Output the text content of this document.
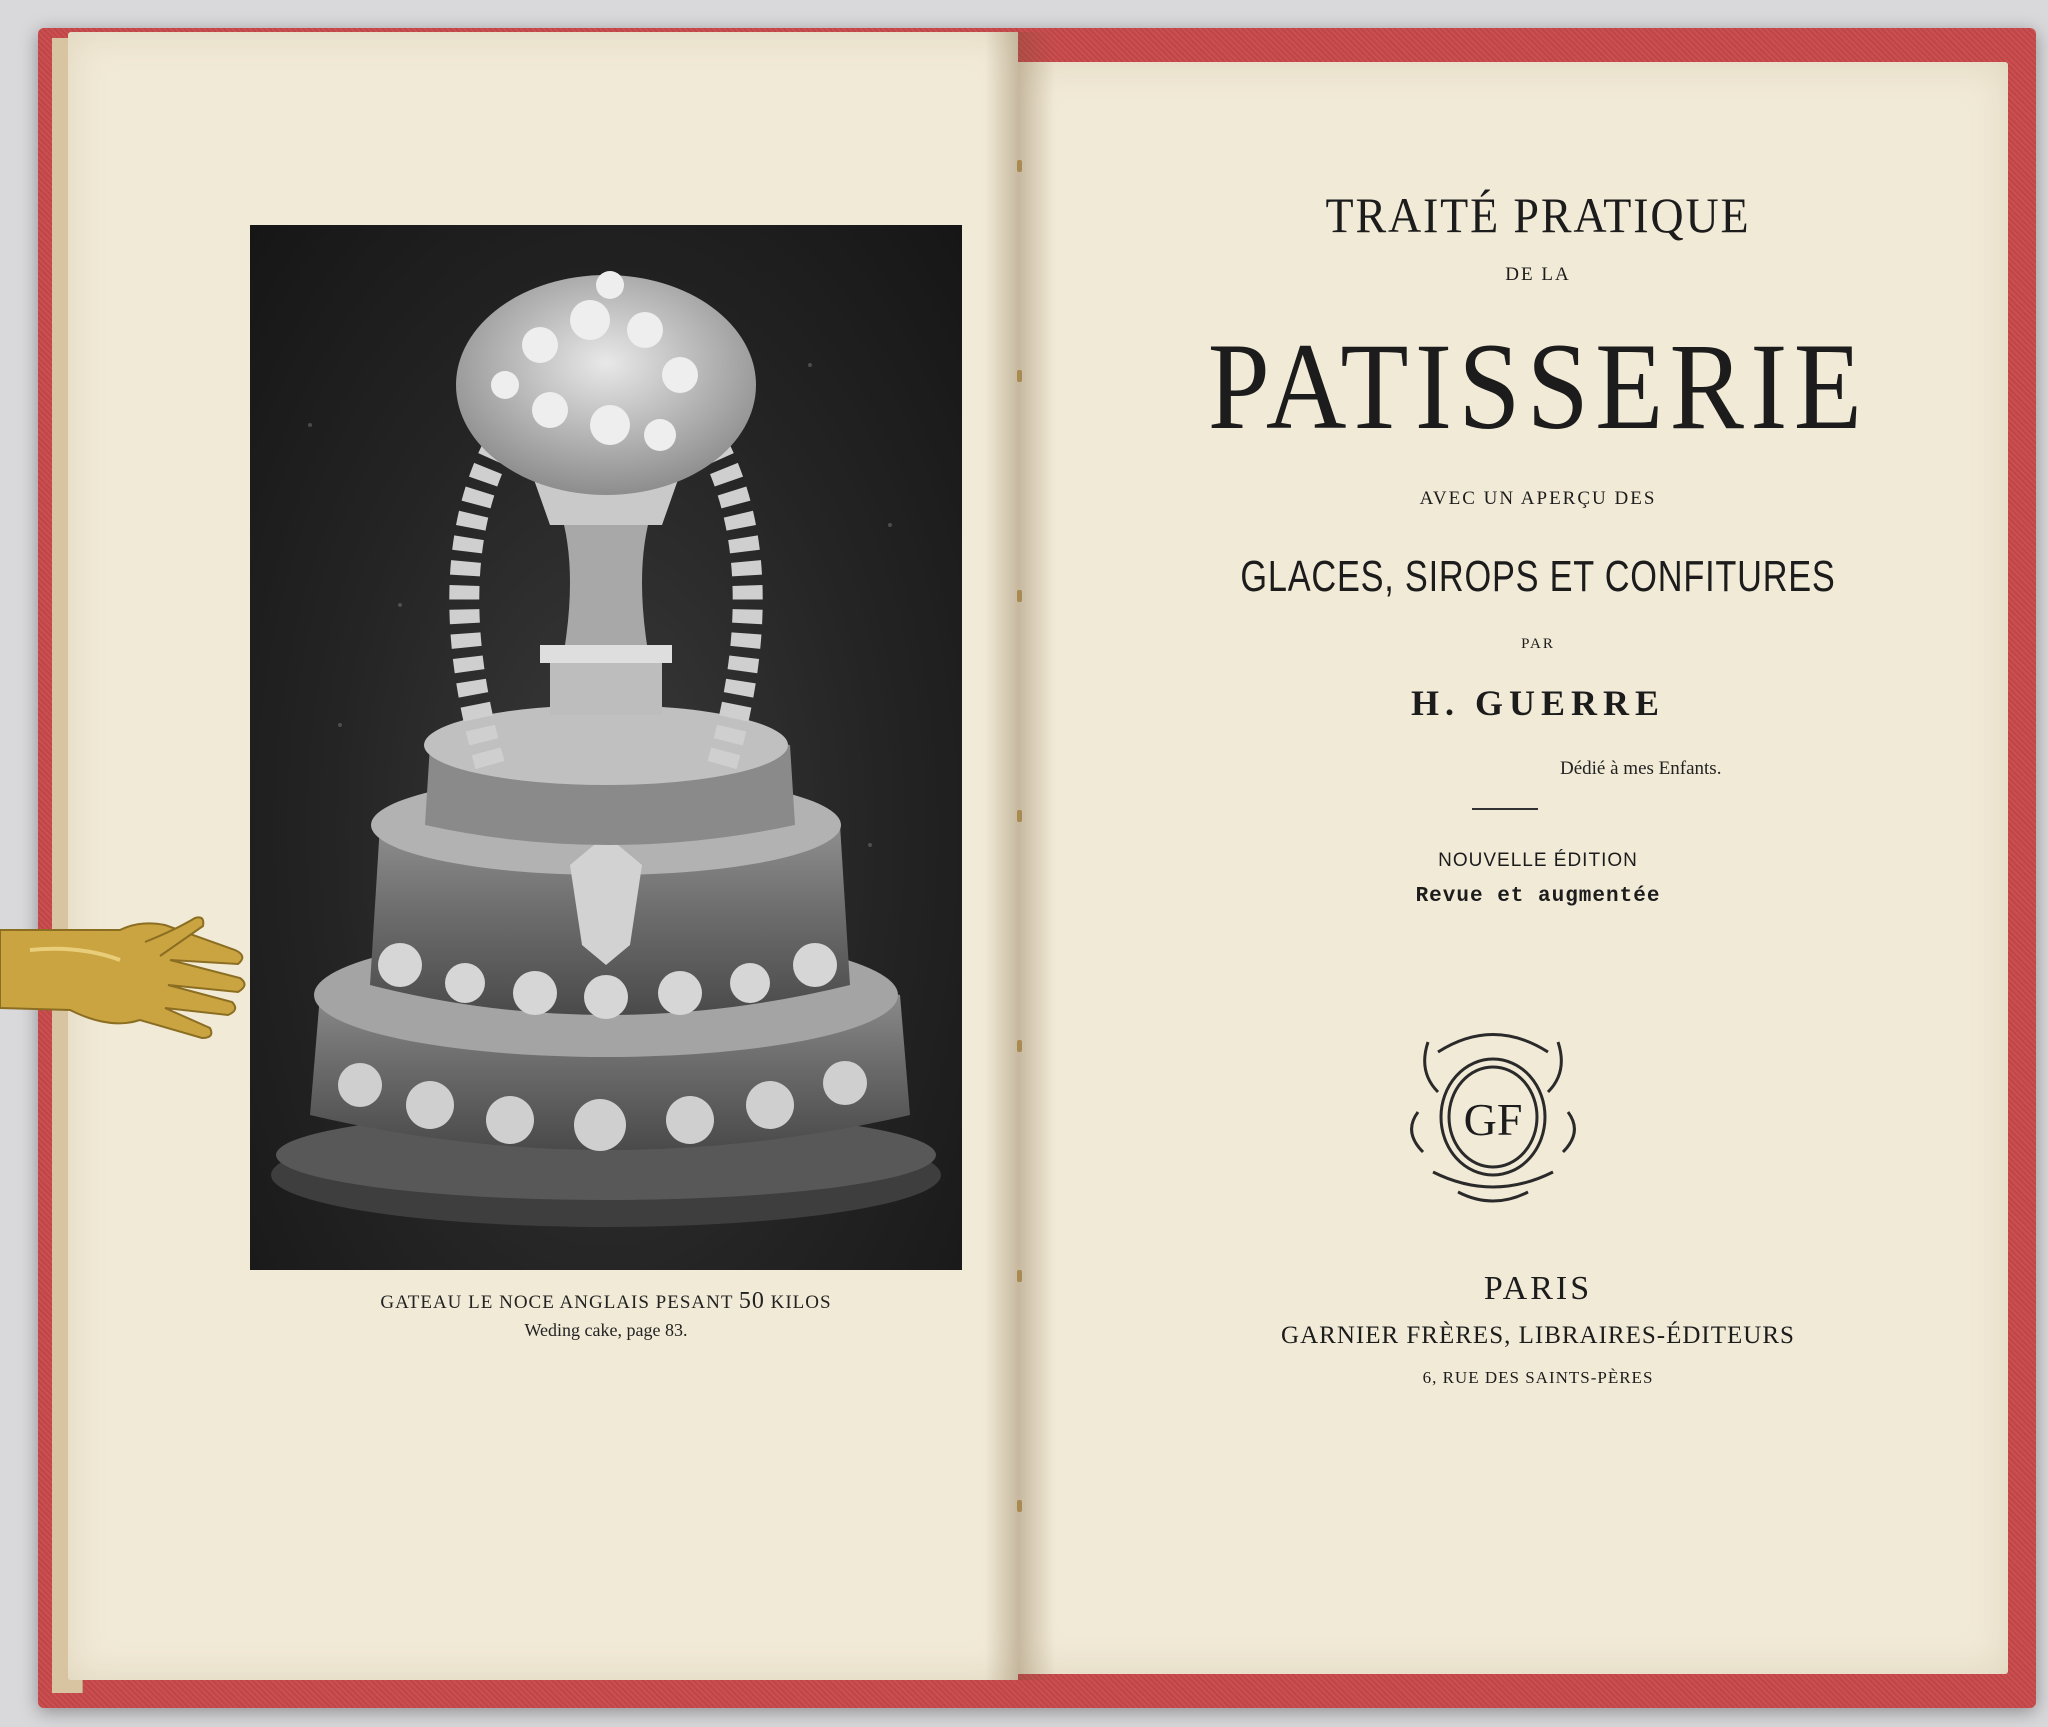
GATEAU LE NOCE ANGLAIS PESANT 50 KILOS
Weding cake, page 83.
TRAITÉ PRATIQUE
DE LA
PATISSERIE
AVEC UN APERÇU DES
GLACES, SIROPS ET CONFITURES
PAR
H. GUERRE
Dédié à mes Enfants.
NOUVELLE ÉDITION
Revue et augmentée
GF
PARIS
GARNIER FRÈRES, LIBRAIRES-ÉDITEURS
6, RUE DES SAINTS-PÈRES
